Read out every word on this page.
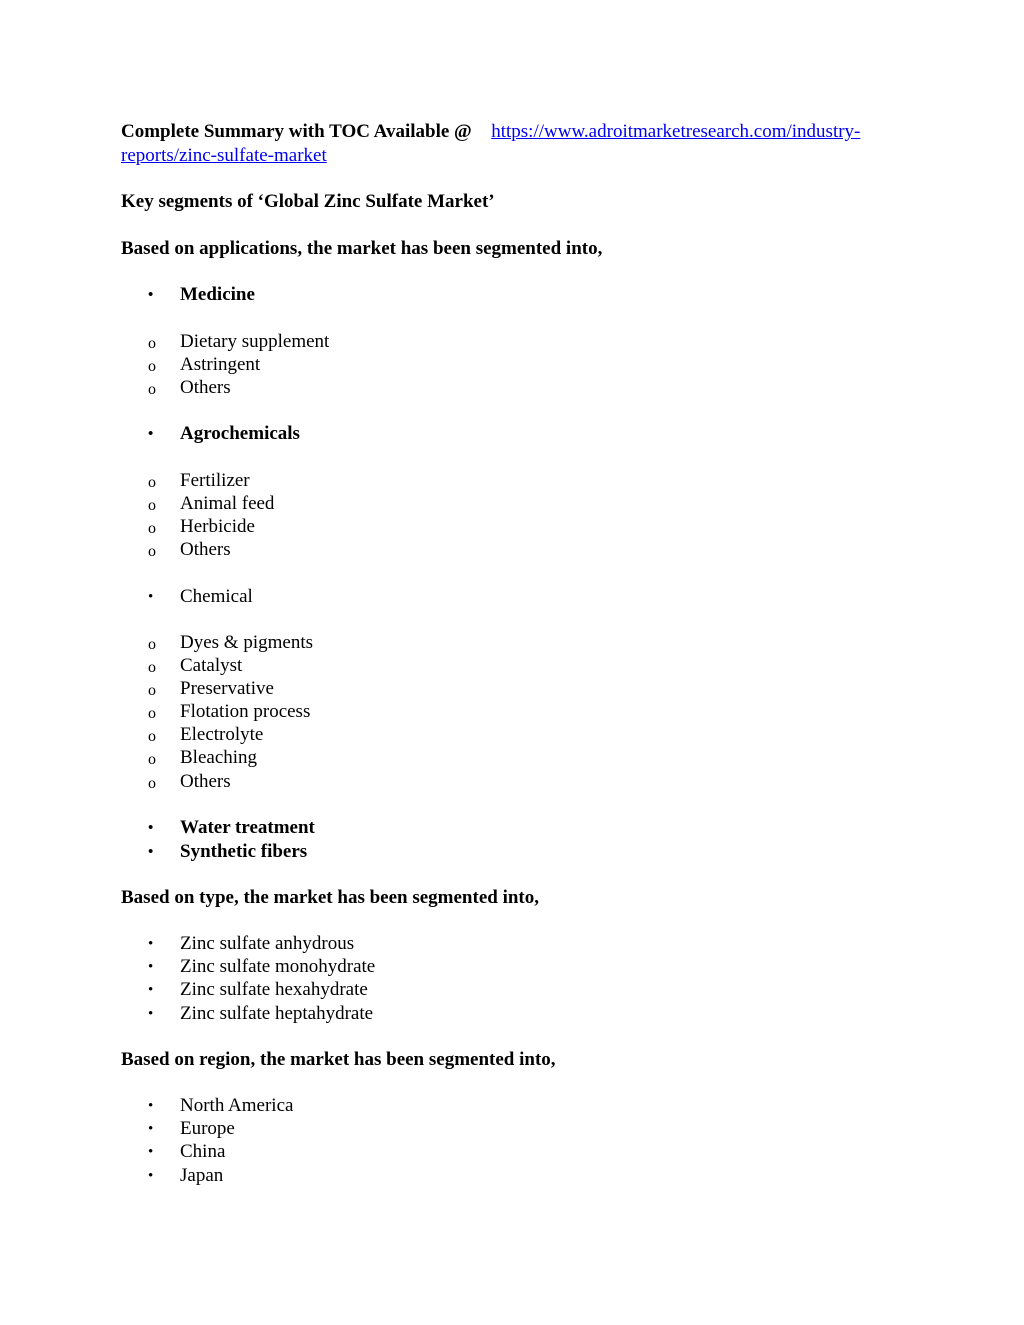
Complete Summary with TOC Available @ https://www.adroitmarketresearch.com/industry-
reports/zinc-sulfate-market
Key segments of ‘Global Zinc Sulfate Market’
Based on applications, the market has been segmented into,
• Medicine
o Dietary supplement
o Astringent
o Others
• Agrochemicals
o Fertilizer
o Animal feed
o Herbicide
o Others
• Chemical
o Dyes & pigments
o Catalyst
o Preservative
o Flotation process
o Electrolyte
o Bleaching
o Others
• Water treatment
• Synthetic fibers
Based on type, the market has been segmented into,
• Zinc sulfate anhydrous
• Zinc sulfate monohydrate
• Zinc sulfate hexahydrate
• Zinc sulfate heptahydrate
Based on region, the market has been segmented into,
• North America
• Europe
• China
• Japan
